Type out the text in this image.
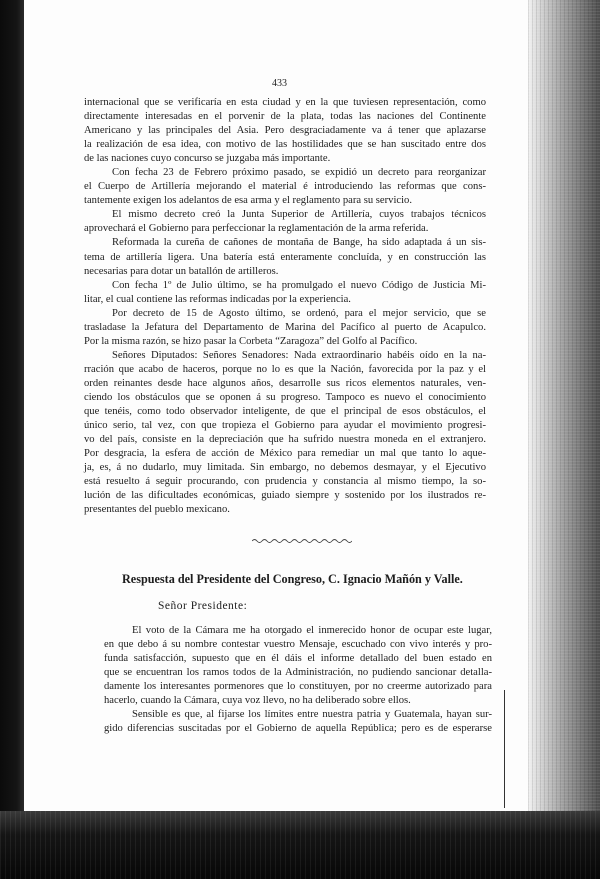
433
internacional que se verificaría en esta ciudad y en la que tuviesen representación, como
directamente interesadas en el porvenir de la plata, todas las naciones del Continente
Americano y las principales del Asia. Pero desgraciadamente va á tener que aplazarse
la realización de esa idea, con motivo de las hostilidades que se han suscitado entre dos
de las naciones cuyo concurso se juzgaba más importante.
Con fecha 23 de Febrero próximo pasado, se expidió un decreto para reorganizar
el Cuerpo de Artillería mejorando el material é introduciendo las reformas que cons-
tantemente exigen los adelantos de esa arma y el reglamento para su servicio.
El mismo decreto creó la Junta Superior de Artillería, cuyos trabajos técnicos
aprovechará el Gobierno para perfeccionar la reglamentación de la arma referida.
Reformada la cureña de cañones de montaña de Bange, ha sido adaptada á un sis-
tema de artillería ligera. Una batería está enteramente concluída, y en construcción las
necesarias para dotar un batallón de artilleros.
Con fecha 1º de Julio último, se ha promulgado el nuevo Código de Justicia Mi-
litar, el cual contiene las reformas indicadas por la experiencia.
Por decreto de 15 de Agosto último, se ordenó, para el mejor servicio, que se
trasladase la Jefatura del Departamento de Marina del Pacífico al puerto de Acapulco.
Por la misma razón, se hizo pasar la Corbeta “Zaragoza” del Golfo al Pacífico.
Señores Diputados: Señores Senadores: Nada extraordinario habéis oído en la na-
rración que acabo de haceros, porque no lo es que la Nación, favorecida por la paz y el
orden reinantes desde hace algunos años, desarrolle sus ricos elementos naturales, ven-
ciendo los obstáculos que se oponen á su progreso. Tampoco es nuevo el conocimiento
que tenéis, como todo observador inteligente, de que el principal de esos obstáculos, el
único serio, tal vez, con que tropieza el Gobierno para ayudar el movimiento progresi-
vo del país, consiste en la depreciación que ha sufrido nuestra moneda en el extranjero.
Por desgracia, la esfera de acción de México para remediar un mal que tanto lo aque-
ja, es, á no dudarlo, muy limitada. Sin embargo, no debemos desmayar, y el Ejecutivo
está resuelto á seguir procurando, con prudencia y constancia al mismo tiempo, la so-
lución de las dificultades económicas, guiado siempre y sostenido por los ilustrados re-
presentantes del pueblo mexicano.
Respuesta del Presidente del Congreso, C. Ignacio Mañón y Valle.
Señor Presidente:
El voto de la Cámara me ha otorgado el inmerecido honor de ocupar este lugar,
en que debo á su nombre contestar vuestro Mensaje, escuchado con vivo interés y pro-
funda satisfacción, supuesto que en él dáis el informe detallado del buen estado en
que se encuentran los ramos todos de la Administración, no pudiendo sancionar detalla-
damente los interesantes pormenores que lo constituyen, por no creerme autorizado para
hacerlo, cuando la Cámara, cuya voz llevo, no ha deliberado sobre ellos.
Sensible es que, al fijarse los límites entre nuestra patria y Guatemala, hayan sur-
gido diferencias suscitadas por el Gobierno de aquella República; pero es de esperarse
